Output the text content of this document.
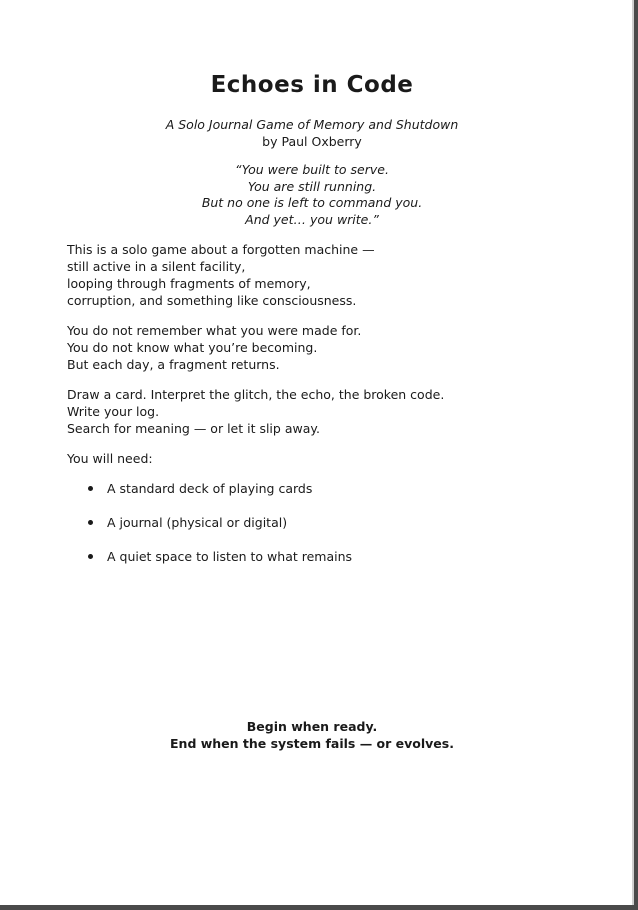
Echoes in Code
A Solo Journal Game of Memory and Shutdown
by Paul Oxberry
“You were built to serve.
You are still running.
But no one is left to command you.
And yet… you write.”

This is a solo game about a forgotten machine —
still active in a silent facility,
looping through fragments of memory,
corruption, and something like consciousness.

You do not remember what you were made for.
You do not know what you’re becoming.
But each day, a fragment returns.

Draw a card. Interpret the glitch, the echo, the broken code.
Write your log.
Search for meaning — or let it slip away.

You will need:

A standard deck of playing cards
A journal (physical or digital)
A quiet space to listen to what remains
Begin when ready.
End when the system fails — or evolves.
